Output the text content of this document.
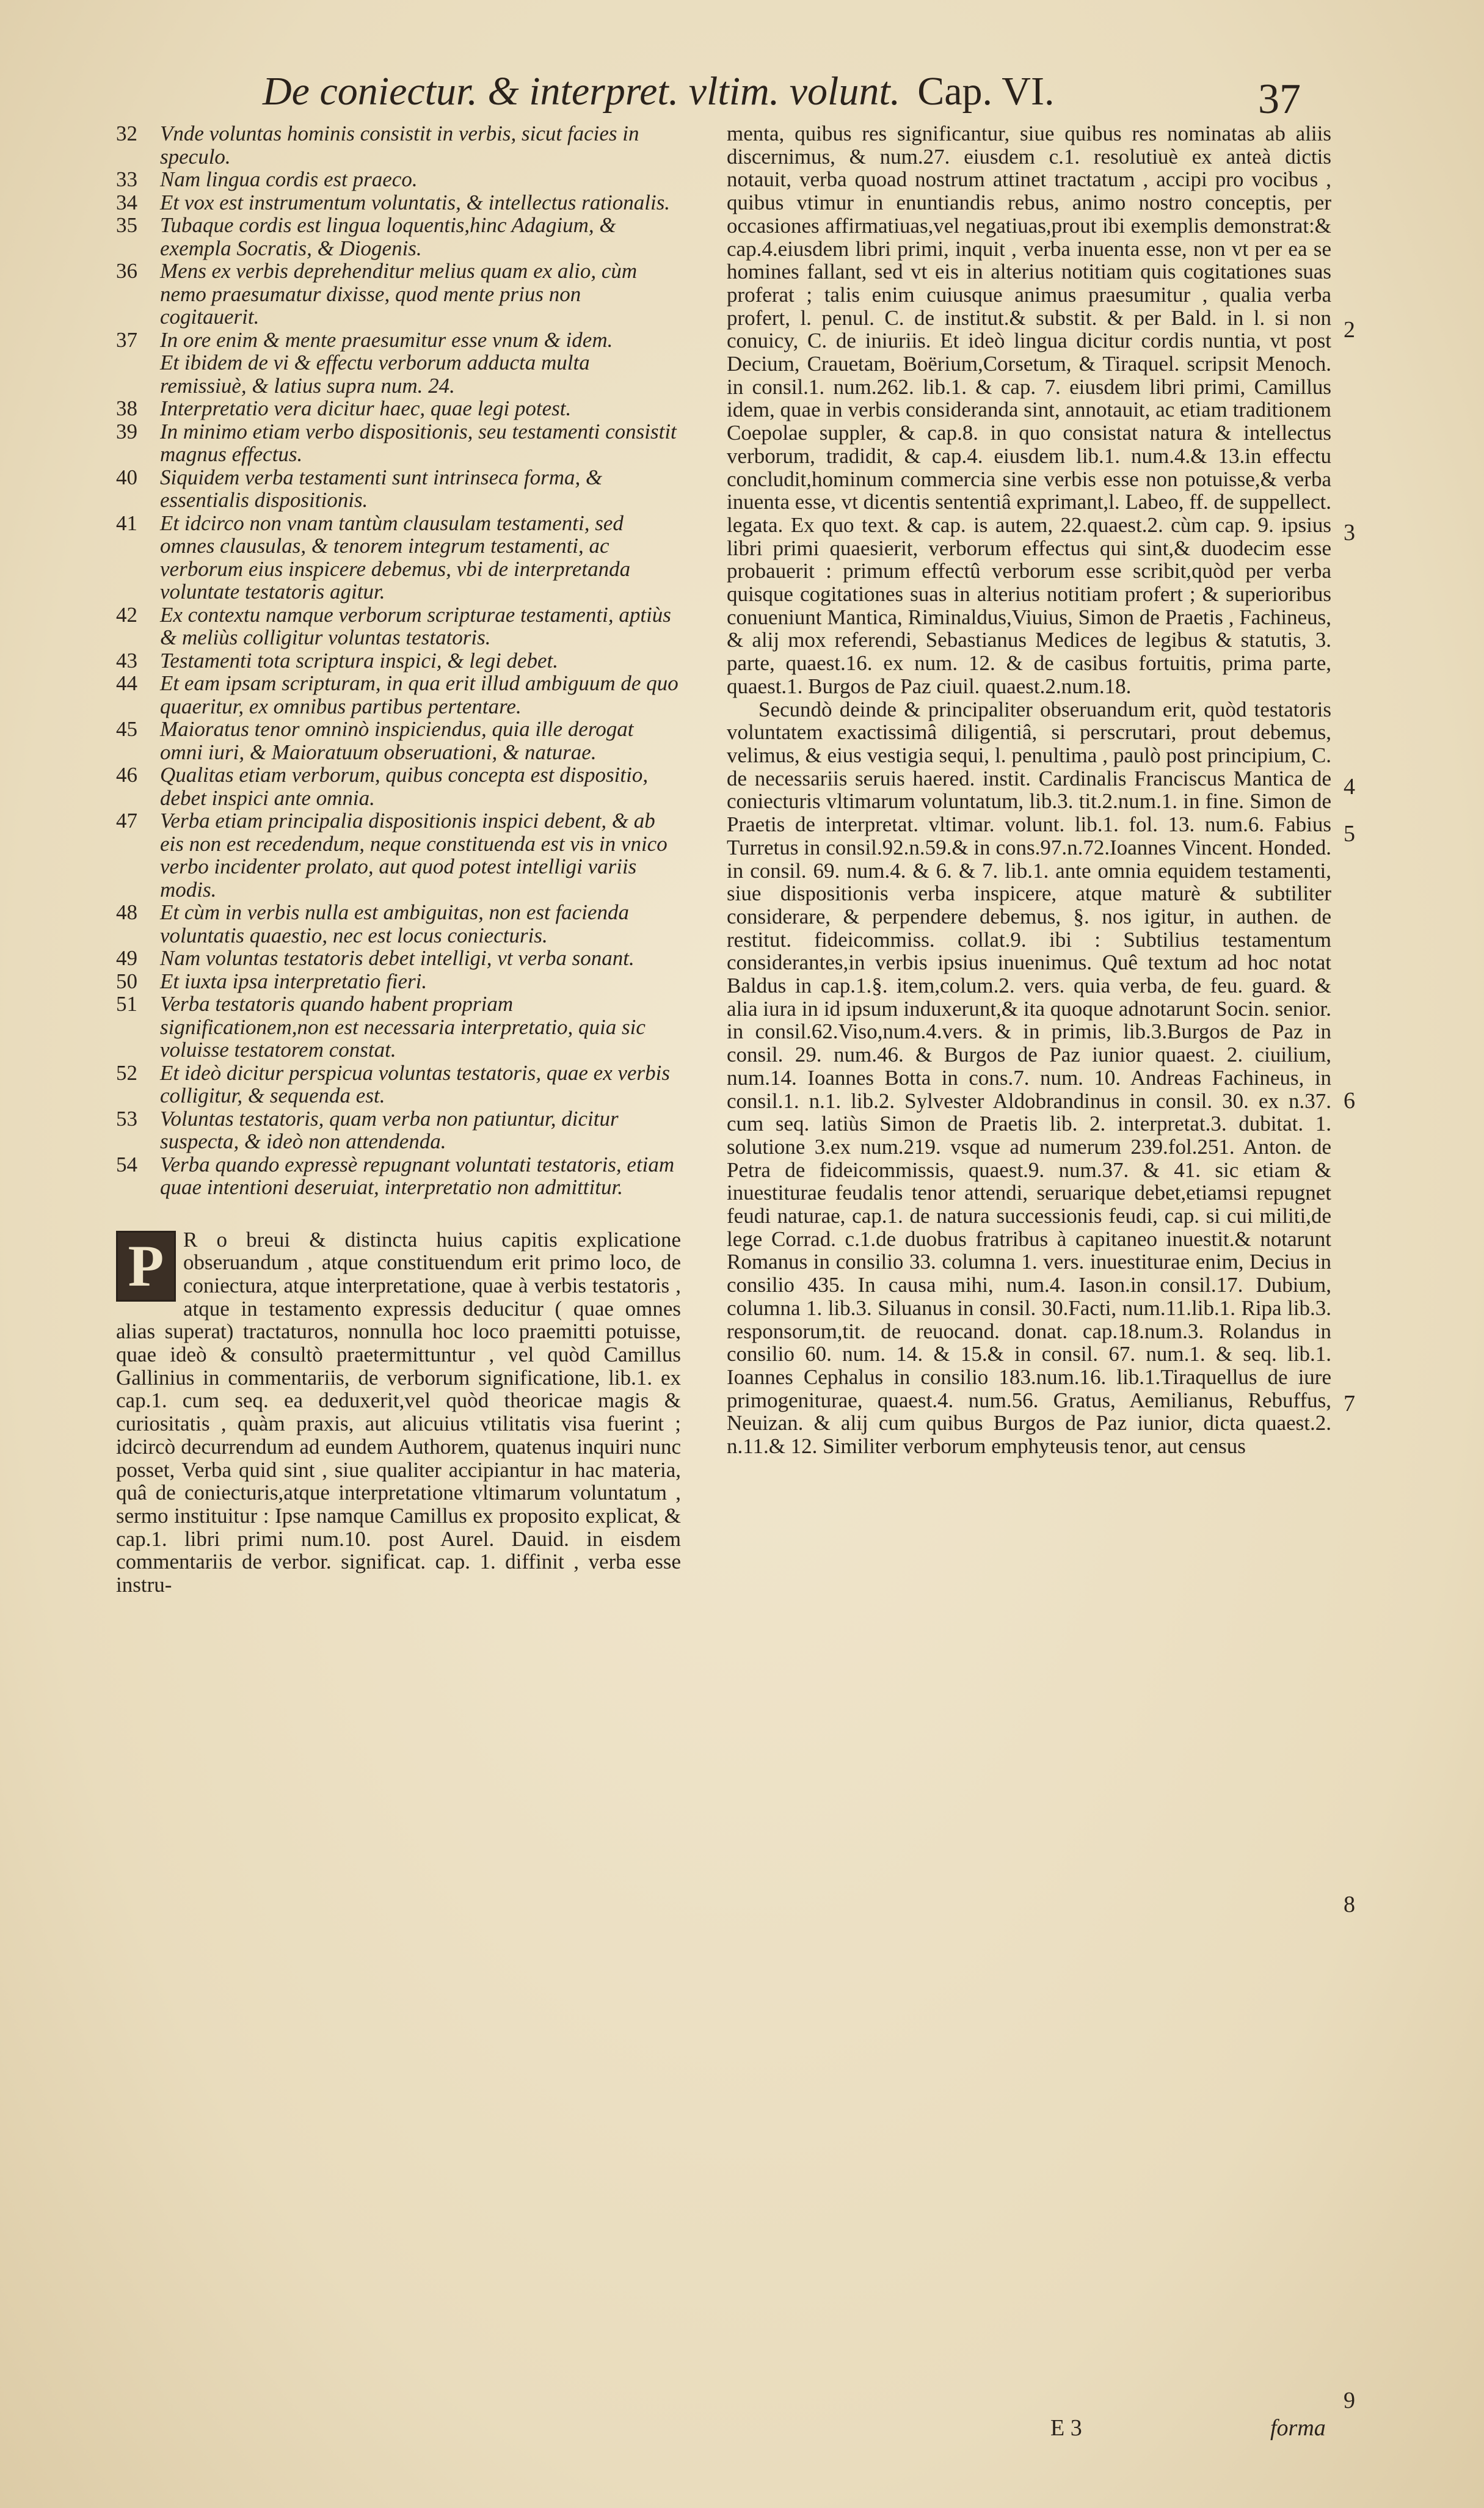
De coniectur. & interpret. vltim. volunt. Cap. VI.	37

32 Vnde voluntas hominis consistit in verbis, sicut facies in speculo.

33 Nam lingua cordis est praeco.

34 Et vox est instrumentum voluntatis, & intellectus rationalis.

35 Tubaque cordis est lingua loquentis,hinc Adagium, & exempla Socratis, & Diogenis.

36 Mens ex verbis deprehenditur melius quam ex alio, cùm nemo praesumatur dixisse, quod mente prius non cogitauerit.

37 In ore enim & mente praesumitur esse vnum & idem.

Et ibidem de vi & effectu verborum adducta multa remissiuè, & latius supra num. 24.

38 Interpretatio vera dicitur haec, quae legi potest.

39 In minimo etiam verbo dispositionis, seu testamenti consistit magnus effectus.

40 Siquidem verba testamenti sunt intrinseca forma, & essentialis dispositionis.

41 Et idcirco non vnam tantùm clausulam testamenti, sed omnes clausulas, & tenorem integrum testamenti, ac verborum eius inspicere debemus, vbi de interpretanda voluntate testatoris agitur.

42 Ex contextu namque verborum scripturae testamenti, aptiùs & meliùs colligitur voluntas testatoris.

43 Testamenti tota scriptura inspici, & legi debet.

44 Et eam ipsam scripturam, in qua erit illud ambiguum de quo quaeritur, ex omnibus partibus pertentare.

45 Maioratus tenor omninò inspiciendus, quia ille derogat omni iuri, & Maioratuum obseruationi, & naturae.

46 Qualitas etiam verborum, quibus concepta est dispositio, debet inspici ante omnia.

47 Verba etiam principalia dispositionis inspici debent, & ab eis non est recedendum, neque constituenda est vis in vnico verbo incidenter prolato, aut quod potest intelligi variis modis.

48 Et cùm in verbis nulla est ambiguitas, non est facienda voluntatis quaestio, nec est locus coniecturis.

49 Nam voluntas testatoris debet intelligi, vt verba sonant.

50 Et iuxta ipsa interpretatio fieri.

51 Verba testatoris quando habent propriam significationem,non est necessaria interpretatio, quia sic voluisse testatorem constat.

52 Et ideò dicitur perspicua voluntas testatoris, quae ex verbis colligitur, & sequenda est.

53 Voluntas testatoris, quam verba non patiuntur, dicitur suspecta, & ideò non attendenda.

54 Verba quando expressè repugnant voluntati testatoris, etiam quae intentioni deseruiat, interpretatio non admittitur.

P R o breui & distincta huius capitis explicatione obseruandum , atque constituendum erit primo loco, de coniectura, atque interpretatione, quae à verbis testatoris , atque in testamento expressis deducitur ( quae omnes alias superat) tractaturos, nonnulla hoc loco praemitti potuisse, quae ideò & consultò praetermittuntur , vel quòd Camillus Gallinius in commentariis, de verborum significatione, lib.1. ex cap.1. cum seq. ea deduxerit,vel quòd theoricae magis & curiositatis , quàm praxis, aut alicuius vtilitatis visa fuerint ; idcircò decurrendum ad eundem Authorem, quatenus inquiri nunc posset, Verba quid sint , siue qualiter accipiantur in hac materia, quâ de coniecturis,atque interpretatione vltimarum voluntatum , sermo instituitur : Ipse namque Camillus ex proposito explicat, & cap.1. libri primi num.10. post Aurel. Dauid. in eisdem commentariis de verbor. significat. cap. 1. diffinit , verba esse instru-

menta, quibus res significantur, siue quibus res nominatas ab aliis discernimus, & num.27. eiusdem c.1. resolutiuè ex anteà dictis notauit, verba quoad nostrum attinet tractatum , accipi pro vocibus , quibus vtimur in enuntiandis rebus, animo nostro conceptis, per occasiones affirmatiuas,vel negatiuas,prout ibi exemplis demonstrat:& cap.4.eiusdem libri primi, inquit , verba inuenta esse, non vt per ea se homines fallant, sed vt eis in alterius notitiam quis cogitationes suas proferat ; talis enim cuiusque animus praesumitur , qualia verba profert, l. penul. C. de institut.& substit. & per Bald. in l. si non conuicy, C. de iniuriis. Et ideò lingua dicitur cordis nuntia, vt post Decium, Crauetam, Boërium,Corsetum, & Tiraquel. scripsit Menoch. in consil.1. num.262. lib.1. & cap. 7. eiusdem libri primi, Camillus idem, quae in verbis consideranda sint, annotauit, ac etiam traditionem Coepolae suppler, & cap.8. in quo consistat natura & intellectus verborum, tradidit, & cap.4. eiusdem lib.1. num.4.& 13.in effectu concludit,hominum commercia sine verbis esse non potuisse,& verba inuenta esse, vt dicentis sententiâ exprimant,l. Labeo, ff. de suppellect. legata. Ex quo text. & cap. is autem, 22.quaest.2. cùm cap. 9. ipsius libri primi quaesierit, verborum effectus qui sint,& duodecim esse probauerit : primum effectû verborum esse scribit,quòd per verba quisque cogitationes suas in alterius notitiam profert ; & superioribus conueniunt Mantica, Riminaldus,Viuius, Simon de Praetis , Fachineus, & alij mox referendi, Sebastianus Medices de legibus & statutis, 3. parte, quaest.16. ex num. 12. & de casibus fortuitis, prima parte, quaest.1. Burgos de Paz ciuil. quaest.2.num.18.

Secundò deinde & principaliter obseruandum erit, quòd testatoris voluntatem exactissimâ diligentiâ, si perscrutari, prout debemus, velimus, & eius vestigia sequi, l. penultima , paulò post principium, C. de necessariis seruis haered. instit. Cardinalis Franciscus Mantica de coniecturis vltimarum voluntatum, lib.3. tit.2.num.1. in fine. Simon de Praetis de interpretat. vltimar. volunt. lib.1. fol. 13. num.6. Fabius Turretus in consil.92.n.59.& in cons.97.n.72.Ioannes Vincent. Honded. in consil. 69. num.4. & 6. & 7. lib.1. ante omnia equidem testamenti, siue dispositionis verba inspicere, atque maturè & subtiliter considerare, & perpendere debemus, §. nos igitur, in authen. de restitut. fideicommiss. collat.9. ibi : Subtilius testamentum considerantes,in verbis ipsius inuenimus. Quê textum ad hoc notat Baldus in cap.1.§. item,colum.2. vers. quia verba, de feu. guard. & alia iura in id ipsum induxerunt,& ita quoque adnotarunt Socin. senior. in consil.62.Viso,num.4.vers. & in primis, lib.3.Burgos de Paz in consil. 29. num.46. & Burgos de Paz iunior quaest. 2. ciuilium, num.14. Ioannes Botta in cons.7. num. 10. Andreas Fachineus, in consil.1. n.1. lib.2. Sylvester Aldobrandinus in consil. 30. ex n.37. cum seq. latiùs Simon de Praetis lib. 2. interpretat.3. dubitat. 1. solutione 3.ex num.219. vsque ad numerum 239.fol.251. Anton. de Petra de fideicommissis, quaest.9. num.37. & 41. sic etiam & inuestiturae feudalis tenor attendi, seruarique debet,etiamsi repugnet feudi naturae, cap.1. de natura successionis feudi, cap. si cui militi,de lege Corrad. c.1.de duobus fratribus à capitaneo inuestit.& notarunt Romanus in consilio 33. columna 1. vers. inuestiturae enim, Decius in consilio 435. In causa mihi, num.4. Iason.in consil.17. Dubium, columna 1. lib.3. Siluanus in consil. 30.Facti, num.11.lib.1. Ripa lib.3. responsorum,tit. de reuocand. donat. cap.18.num.3. Rolandus in consilio 60. num. 14. & 15.& in consil. 67. num.1. & seq. lib.1. Ioannes Cephalus in consilio 183.num.16. lib.1.Tiraquellus de iure primogeniturae, quaest.4. num.56. Gratus, Aemilianus, Rebuffus, Neuizan. & alij cum quibus Burgos de Paz iunior, dicta quaest.2. n.11.& 12. Similiter verborum emphyteusis tenor, aut census

2
3
4
5
6
7
8
9
E 3	forma
